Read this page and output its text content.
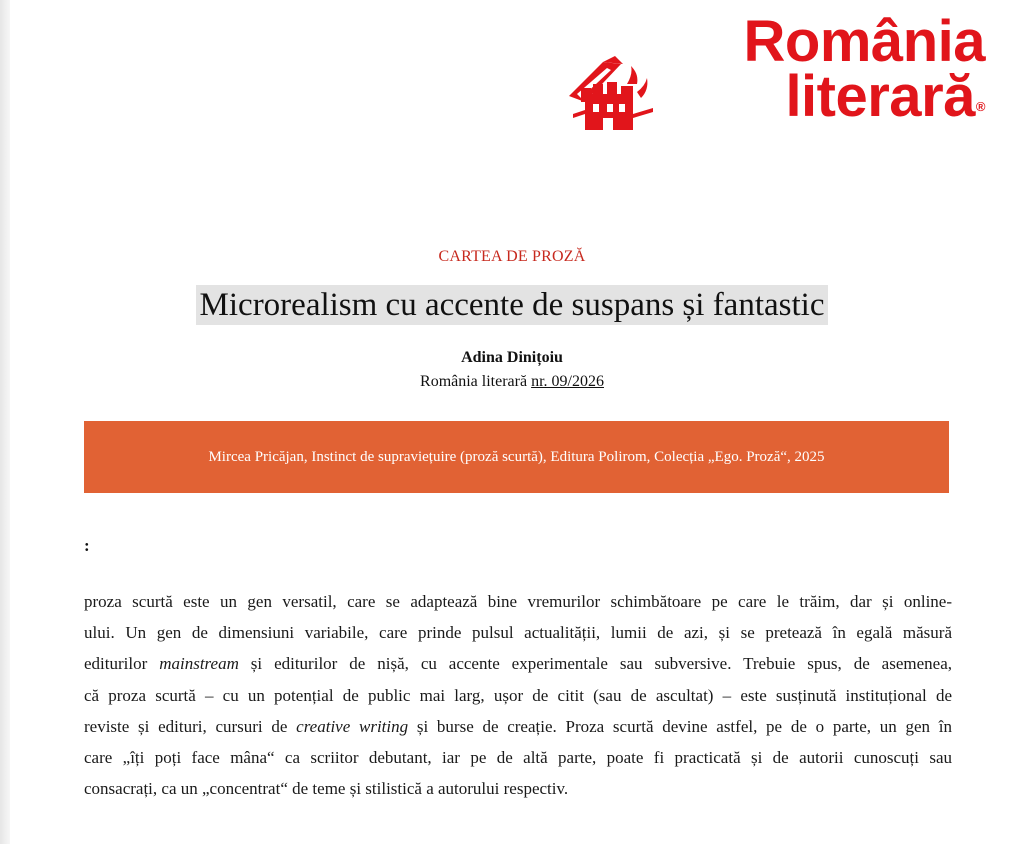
România
literară®
CARTEA DE PROZĂ
Microrealism cu accente de suspans și fantastic
Adina Dinițoiu
România literară nr. 09/2026
Mircea Pricăjan, Instinct de supraviețuire (proză scurtă), Editura Polirom, Colecția „Ego. Proză“, 2025
:
proza scurtă este un gen versatil, care se adaptează bine vremurilor schimbătoare pe care le trăim, dar și online-
ului. Un gen de dimensiuni variabile, care prinde pulsul actualității, lumii de azi, și se pretează în egală măsură
editurilor mainstream și editurilor de nișă, cu accente experimentale sau subversive. Trebuie spus, de asemenea,
că proza scurtă – cu un potențial de public mai larg, ușor de citit (sau de ascultat) – este susținută instituțional de
reviste și edituri, cursuri de creative writing și burse de creație. Proza scurtă devine astfel, pe de o parte, un gen în
care „îți poți face mâna“ ca scriitor debutant, iar pe de altă parte, poate fi practicată și de autorii cunoscuți sau
consacrați, ca un „concentrat“ de teme și stilistică a autorului respectiv.
